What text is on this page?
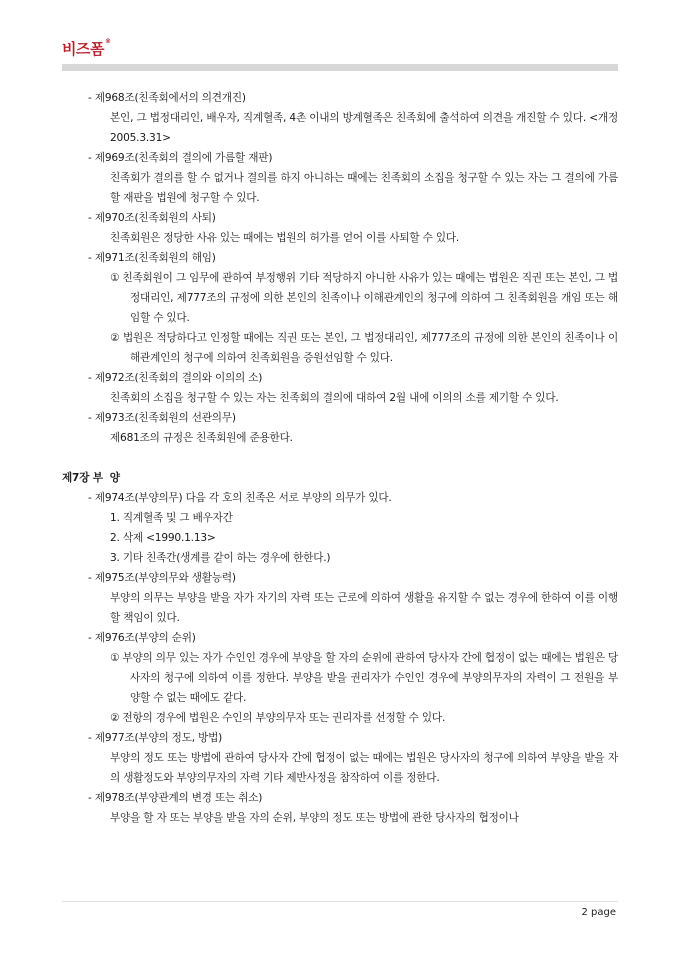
비즈폼®
- 제968조(친족회에서의 의견개진)
본인, 그 법정대리인, 배우자, 직계혈족, 4촌 이내의 방계혈족은 친족회에 출석하여 의견을 개진할 수 있다. <개정 2005.3.31>
- 제969조(친족회의 결의에 가름할 재판)
친족회가 결의를 할 수 없거나 결의를 하지 아니하는 때에는 친족회의 소집을 청구할 수 있는 자는 그 결의에 가름할 재판을 법원에 청구할 수 있다.
- 제970조(친족회원의 사퇴)
친족회원은 정당한 사유 있는 때에는 법원의 허가를 얻어 이를 사퇴할 수 있다.
- 제971조(친족회원의 해임)
① 친족회원이 그 임무에 관하여 부정행위 기타 적당하지 아니한 사유가 있는 때에는 법원은 직권 또는 본인, 그 법정대리인, 제777조의 규정에 의한 본인의 친족이나 이해관계인의 청구에 의하여 그 친족회원을 개임 또는 해임할 수 있다.
② 법원은 적당하다고 인정할 때에는 직권 또는 본인, 그 법정대리인, 제777조의 규정에 의한 본인의 친족이나 이해관계인의 청구에 의하여 친족회원을 증원선임할 수 있다.
- 제972조(친족회의 결의와 이의의 소)
친족회의 소집을 청구할 수 있는 자는 친족회의 결의에 대하여 2월 내에 이의의 소를 제기할 수 있다.
- 제973조(친족회원의 선관의무)
제681조의 규정은 친족회원에 준용한다.
제7장 부  양
- 제974조(부양의무) 다음 각 호의 친족은 서로 부양의 의무가 있다.
1. 직계혈족 및 그 배우자간
2. 삭제 <1990.1.13>
3. 기타 친족간(생계를 같이 하는 경우에 한한다.)
- 제975조(부양의무와 생활능력)
부양의 의무는 부양을 받을 자가 자기의 자력 또는 근로에 의하여 생활을 유지할 수 없는 경우에 한하여 이를 이행할 책임이 있다.
- 제976조(부양의 순위)
① 부양의 의무 있는 자가 수인인 경우에 부양을 할 자의 순위에 관하여 당사자 간에 협정이 없는 때에는 법원은 당사자의 청구에 의하여 이를 정한다. 부양을 받을 권리자가 수인인 경우에 부양의무자의 자력이 그 전원을 부양할 수 없는 때에도 같다.
② 전항의 경우에 법원은 수인의 부양의무자 또는 권리자를 선정할 수 있다.
- 제977조(부양의 정도, 방법)
부양의 정도 또는 방법에 관하여 당사자 간에 협정이 없는 때에는 법원은 당사자의 청구에 의하여 부양을 받을 자의 생활정도와 부양의무자의 자력 기타 제반사정을 참작하여 이를 정한다.
- 제978조(부양관계의 변경 또는 취소)
부양을 할 자 또는 부양을 받을 자의 순위, 부양의 정도 또는 방법에 관한 당사자의 협정이나
2 page
